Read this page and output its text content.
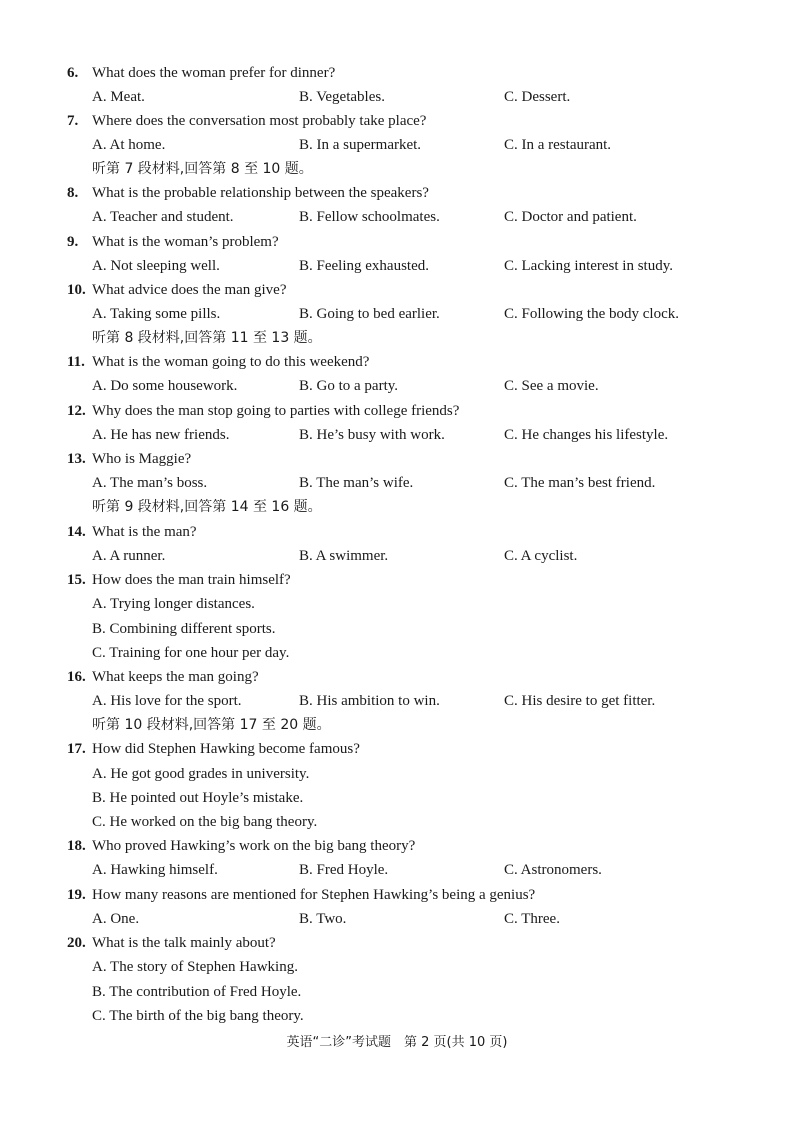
6. What does the woman prefer for dinner?
A. Meat.	B. Vegetables.	C. Dessert.
7. Where does the conversation most probably take place?
A. At home.	B. In a supermarket.	C. In a restaurant.
听第 7 段材料,回答第 8 至 10 题。
8. What is the probable relationship between the speakers?
A. Teacher and student.	B. Fellow schoolmates.	C. Doctor and patient.
9. What is the woman’s problem?
A. Not sleeping well.	B. Feeling exhausted.	C. Lacking interest in study.
10. What advice does the man give?
A. Taking some pills.	B. Going to bed earlier.	C. Following the body clock.
听第 8 段材料,回答第 11 至 13 题。
11. What is the woman going to do this weekend?
A. Do some housework.	B. Go to a party.	C. See a movie.
12. Why does the man stop going to parties with college friends?
A. He has new friends.	B. He’s busy with work.	C. He changes his lifestyle.
13. Who is Maggie?
A. The man’s boss.	B. The man’s wife.	C. The man’s best friend.
听第 9 段材料,回答第 14 至 16 题。
14. What is the man?
A. A runner.	B. A swimmer.	C. A cyclist.
15. How does the man train himself?
A. Trying longer distances.
B. Combining different sports.
C. Training for one hour per day.
16. What keeps the man going?
A. His love for the sport.	B. His ambition to win.	C. His desire to get fitter.
听第 10 段材料,回答第 17 至 20 题。
17. How did Stephen Hawking become famous?
A. He got good grades in university.
B. He pointed out Hoyle’s mistake.
C. He worked on the big bang theory.
18. Who proved Hawking’s work on the big bang theory?
A. Hawking himself.	B. Fred Hoyle.	C. Astronomers.
19. How many reasons are mentioned for Stephen Hawking’s being a genius?
A. One.	B. Two.	C. Three.
20. What is the talk mainly about?
A. The story of Stephen Hawking.
B. The contribution of Fred Hoyle.
C. The birth of the big bang theory.
英语“二诊”考试题　第 2 页(共 10 页)
